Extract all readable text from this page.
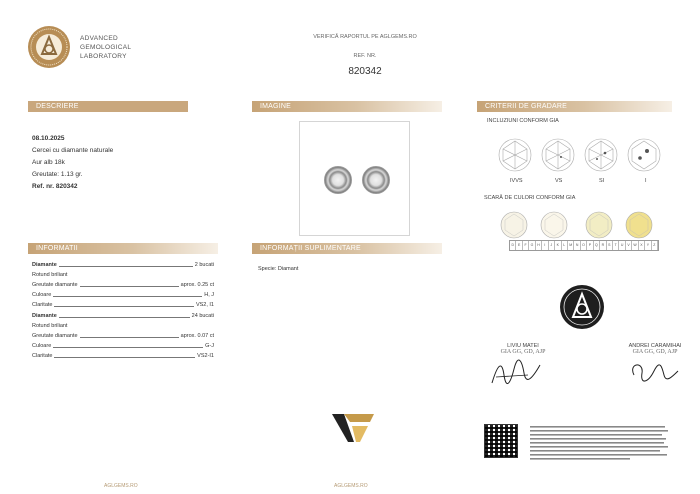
ADVANCED
GEMOLOGICAL
LABORATORY
VERIFICĂ RAPORTUL PE AGLGEMS.RO
REF. NR.
820342
DESCRIERE	IMAGINE	CRITERII DE GRADARE
INFORMATII	INFORMAȚII SUPLIMENTARE
08.10.2025
Cercei cu diamante naturale
Aur alb 18k
Greutate: 1.13 gr.
Ref. nr. 820342
Diamante	2 bucati
Rotund briliant
Greutate diamante	aprox. 0.25 ct
Culoare	H, J
Claritate	VS2, I1
Diamante	24 bucati
Rotund briliant
Greutate diamante	aprox. 0.07 ct
Culoare	G-J
Claritate	VS2-I1
Specie: Diamant
INCLUZIUNI CONFORM GIA
IVVS	VS	SI	I
SCARĂ DE CULORI CONFORM GIA
D	E	F	G	H	I	J	K	L	M	N	O	P	Q	R	S	T	U	V	W	X	Y	Z
LIVIU MATEI
GIA GG, GD, AJP
ANDREI CARAMIHAI
GIA GG, GD, AJP
AGLGEMS.RO	AGLGEMS.RO
